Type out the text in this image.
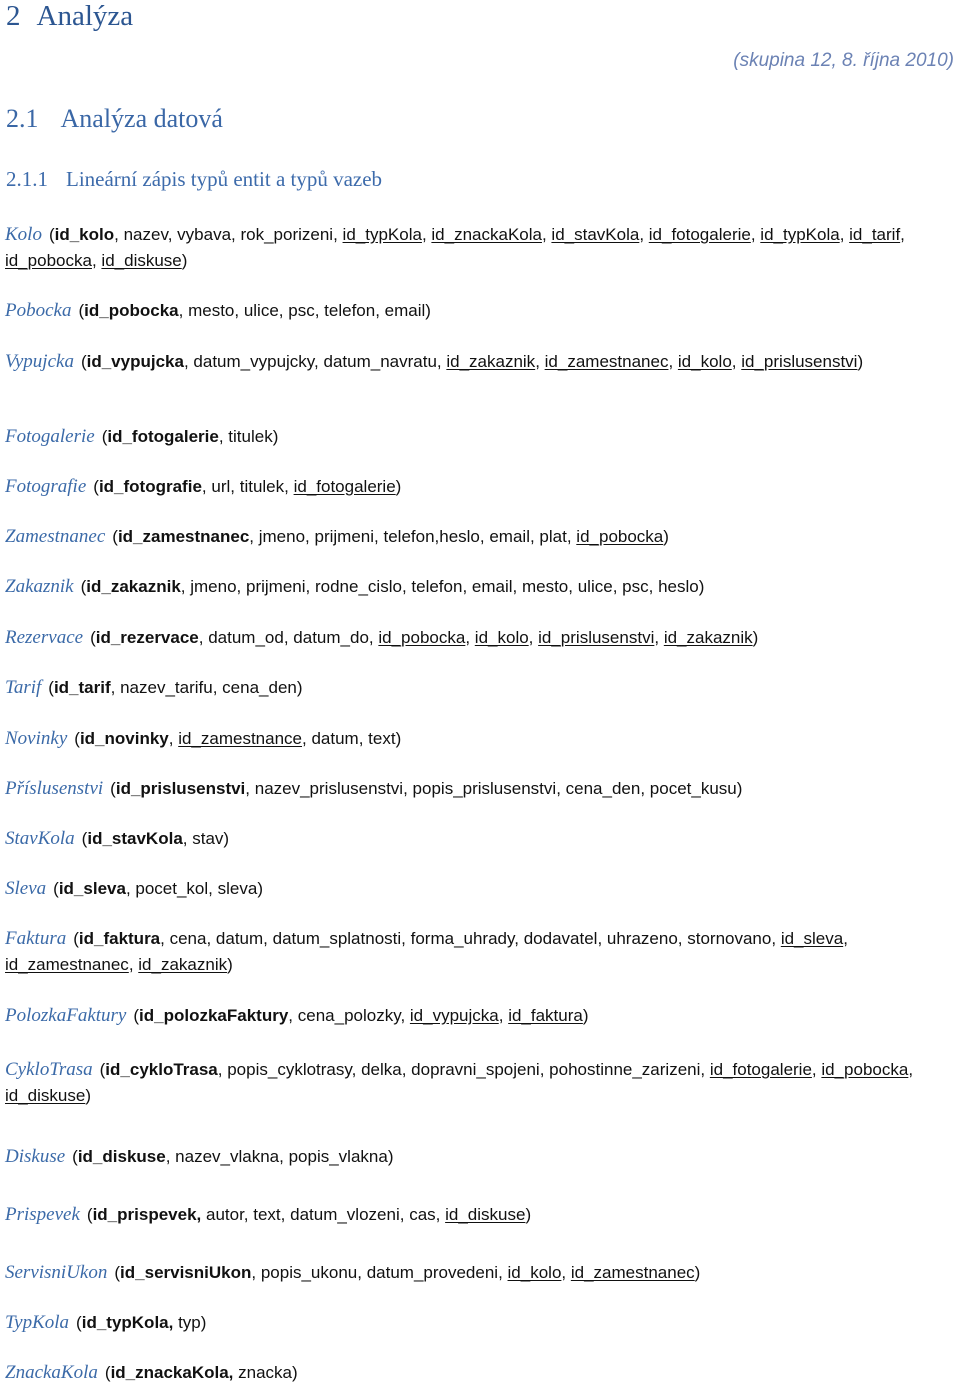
2 Analýza
(skupina 12, 8. října 2010)
2.1 Analýza datová
2.1.1 Lineární zápis typů entit a typů vazeb
Kolo (id_kolo, nazev, vybava, rok_porizeni, id_typKola, id_znackaKola, id_stavKola, id_fotogalerie, id_typKola, id_tarif, id_pobocka, id_diskuse)
Pobocka (id_pobocka, mesto, ulice, psc, telefon, email)
Vypujcka (id_vypujcka, datum_vypujcky, datum_navratu, id_zakaznik, id_zamestnanec, id_kolo, id_prislusenstvi)
Fotogalerie (id_fotogalerie, titulek)
Fotografie (id_fotografie, url, titulek, id_fotogalerie)
Zamestnanec (id_zamestnanec, jmeno, prijmeni, telefon,heslo, email, plat, id_pobocka)
Zakaznik (id_zakaznik, jmeno, prijmeni, rodne_cislo, telefon, email, mesto, ulice, psc, heslo)
Rezervace (id_rezervace, datum_od, datum_do, id_pobocka, id_kolo, id_prislusenstvi, id_zakaznik)
Tarif (id_tarif, nazev_tarifu, cena_den)
Novinky (id_novinky, id_zamestnance, datum, text)
Příslusenstvi (id_prislusenstvi, nazev_prislusenstvi, popis_prislusenstvi, cena_den, pocet_kusu)
StavKola (id_stavKola, stav)
Sleva (id_sleva, pocet_kol, sleva)
Faktura (id_faktura, cena, datum, datum_splatnosti, forma_uhrady, dodavatel, uhrazeno, stornovano, id_sleva, id_zamestnanec, id_zakaznik)
PolozkaFaktury (id_polozkaFaktury, cena_polozky, id_vypujcka, id_faktura)
CykloTrasa (id_cykloTrasa, popis_cyklotrasy, delka, dopravni_spojeni, pohostinne_zarizeni, id_fotogalerie, id_pobocka, id_diskuse)
Diskuse (id_diskuse, nazev_vlakna, popis_vlakna)
Prispevek (id_prispevek, autor, text, datum_vlozeni, cas, id_diskuse)
ServisniUkon (id_servisniUkon, popis_ukonu, datum_provedeni, id_kolo, id_zamestnanec)
TypKola (id_typKola, typ)
ZnackaKola (id_znackaKola, znacka)
